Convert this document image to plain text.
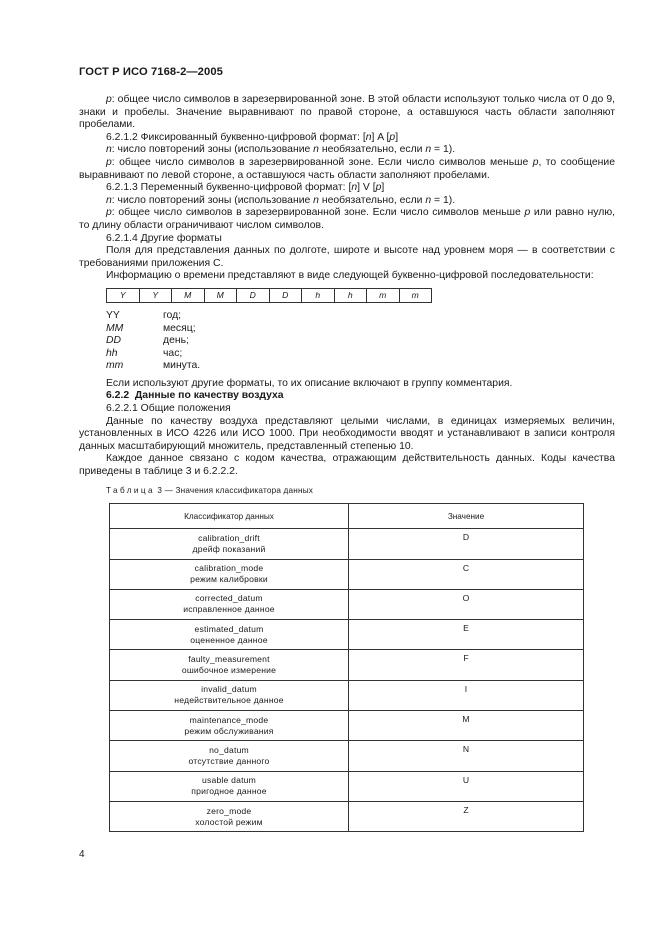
ГОСТ Р ИСО 7168-2—2005

p: общее число символов в зарезервированной зоне. В этой области используют только числа от 0 до 9, знаки и пробелы. Значение выравнивают по правой стороне, а оставшуюся часть области заполняют пробелами.

6.2.1.2 Фиксированный буквенно-цифровой формат: [n] A [p]

n: число повторений зоны (использование n необязательно, если n = 1).

p: общее число символов в зарезервированной зоне. Если число символов меньше p, то сообщение выравнивают по левой стороне, а оставшуюся часть области заполняют пробелами.

6.2.1.3 Переменный буквенно-цифровой формат: [n] V [p]

n: число повторений зоны (использование n необязательно, если n = 1).

p: общее число символов в зарезервированной зоне. Если число символов меньше p или равно нулю, то длину области ограничивают числом символов.

6.2.1.4 Другие форматы

Поля для представления данных по долготе, широте и высоте над уровнем моря — в соответствии с требованиями приложения С.

Информацию о времени представляют в виде следующей буквенно-цифровой последовательности:

Y	Y	M	M	D	D	h	h	m	m
YY	год;
MM	месяц;
DD	день;
hh	час;
mm	минута.

Если используют другие форматы, то их описание включают в группу комментария.

6.2.2 Данные по качеству воздуха

6.2.2.1 Общие положения

Данные по качеству воздуха представляют целыми числами, в единицах измеряемых величин, установленных в ИСО 4226 или ИСО 1000. При необходимости вводят и устанавливают в записи контроля данных масштабирующий множитель, представленный степенью 10.

Каждое данное связано с кодом качества, отражающим действительность данных. Коды качества приведены в таблице 3 и 6.2.2.2.

Таблица 3 — Значения классификатора данных
Классификатор данных	Значение

calibration_drift
дрейф показаний	D

calibration_mode
режим калибровки	C

corrected_datum
исправленное данное	O

estimated_datum
оцененное данное	E

faulty_measurement
ошибочное измерение	F

invalid_datum
недействительное данное	I

maintenance_mode
режим обслуживания	M

no_datum
отсутствие данного	N

usable datum
пригодное данное	U

zero_mode
холостой режим	Z
4
